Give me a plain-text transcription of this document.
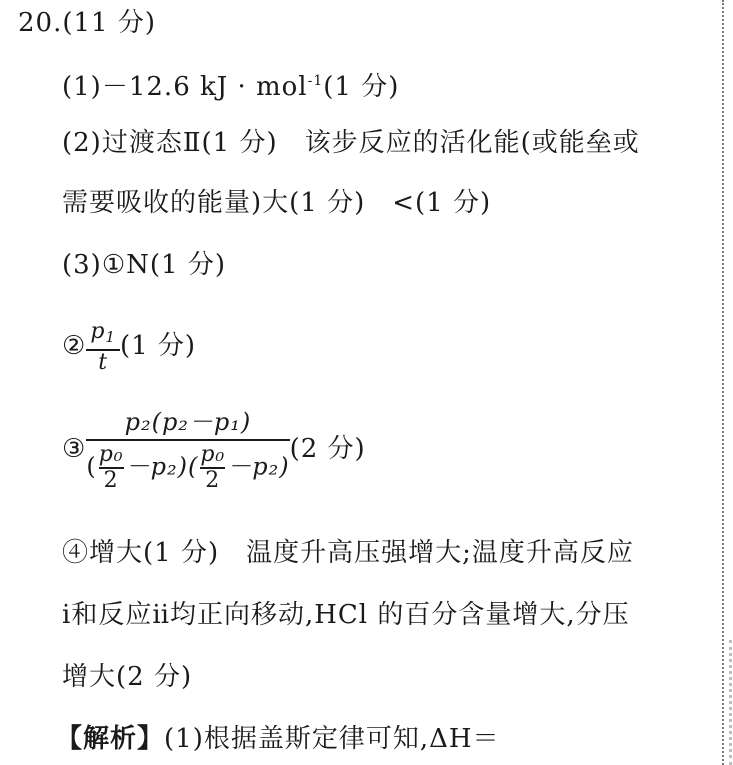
20.(11 分)
(1)－12.6 kJ · mol$^{-1}$(1 分)
(2)过渡态Ⅱ(1 分)　该步反应的活化能(或能垒或
需要吸收的能量)大(1 分)　<(1 分)
(3)①N(1 分)
② $\frac{p_1}{t} (1$ 分)
③ $\frac{\text{p₂(p₂－p₁)}}{( \frac{\text{p₀}}{2} -p_2)( \frac{\text{p₀}}{2} -p_2)} (2$ 分)
④增大(1 分)　温度升高压强增大;温度升高反应
ⅰ和反应ⅱ均正向移动,HCl 的百分含量增大,分压
增大(2 分)
【解析】(1)根据盖斯定律可知,ΔH＝
